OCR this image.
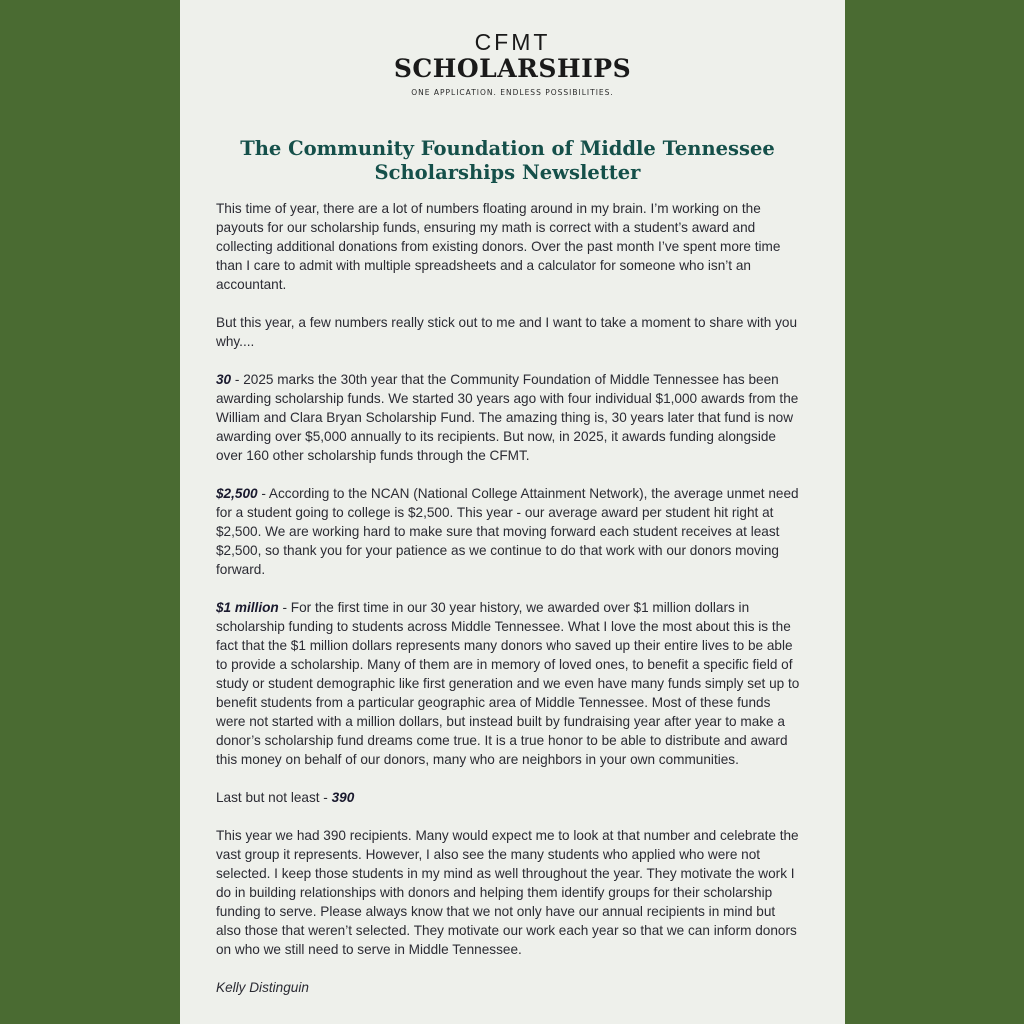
CFMT
SCHOLARSHIPS
ONE APPLICATION. ENDLESS POSSIBILITIES.
The Community Foundation of Middle Tennessee
Scholarships Newsletter

This time of year, there are a lot of numbers floating around in my brain. I’m working on the payouts for our scholarship funds, ensuring my math is correct with a student’s award and collecting additional donations from existing donors. Over the past month I’ve spent more time than I care to admit with multiple spreadsheets and a calculator for someone who isn’t an accountant.

But this year, a few numbers really stick out to me and I want to take a moment to share with you why....

30 - 2025 marks the 30th year that the Community Foundation of Middle Tennessee has been awarding scholarship funds. We started 30 years ago with four individual $1,000 awards from the William and Clara Bryan Scholarship Fund. The amazing thing is, 30 years later that fund is now awarding over $5,000 annually to its recipients. But now, in 2025, it awards funding alongside over 160 other scholarship funds through the CFMT.

$2,500 - According to the NCAN (National College Attainment Network), the average unmet need for a student going to college is $2,500. This year - our average award per student hit right at $2,500. We are working hard to make sure that moving forward each student receives at least $2,500, so thank you for your patience as we continue to do that work with our donors moving forward.

$1 million - For the first time in our 30 year history, we awarded over $1 million dollars in scholarship funding to students across Middle Tennessee. What I love the most about this is the fact that the $1 million dollars represents many donors who saved up their entire lives to be able to provide a scholarship. Many of them are in memory of loved ones, to benefit a specific field of study or student demographic like first generation and we even have many funds simply set up to benefit students from a particular geographic area of Middle Tennessee. Most of these funds were not started with a million dollars, but instead built by fundraising year after year to make a donor’s scholarship fund dreams come true. It is a true honor to be able to distribute and award this money on behalf of our donors, many who are neighbors in your own communities.

Last but not least - 390

This year we had 390 recipients. Many would expect me to look at that number and celebrate the vast group it represents. However, I also see the many students who applied who were not selected. I keep those students in my mind as well throughout the year. They motivate the work I do in building relationships with donors and helping them identify groups for their scholarship funding to serve. Please always know that we not only have our annual recipients in mind but also those that weren’t selected. They motivate our work each year so that we can inform donors on who we still need to serve in Middle Tennessee.

Kelly Distinguin
